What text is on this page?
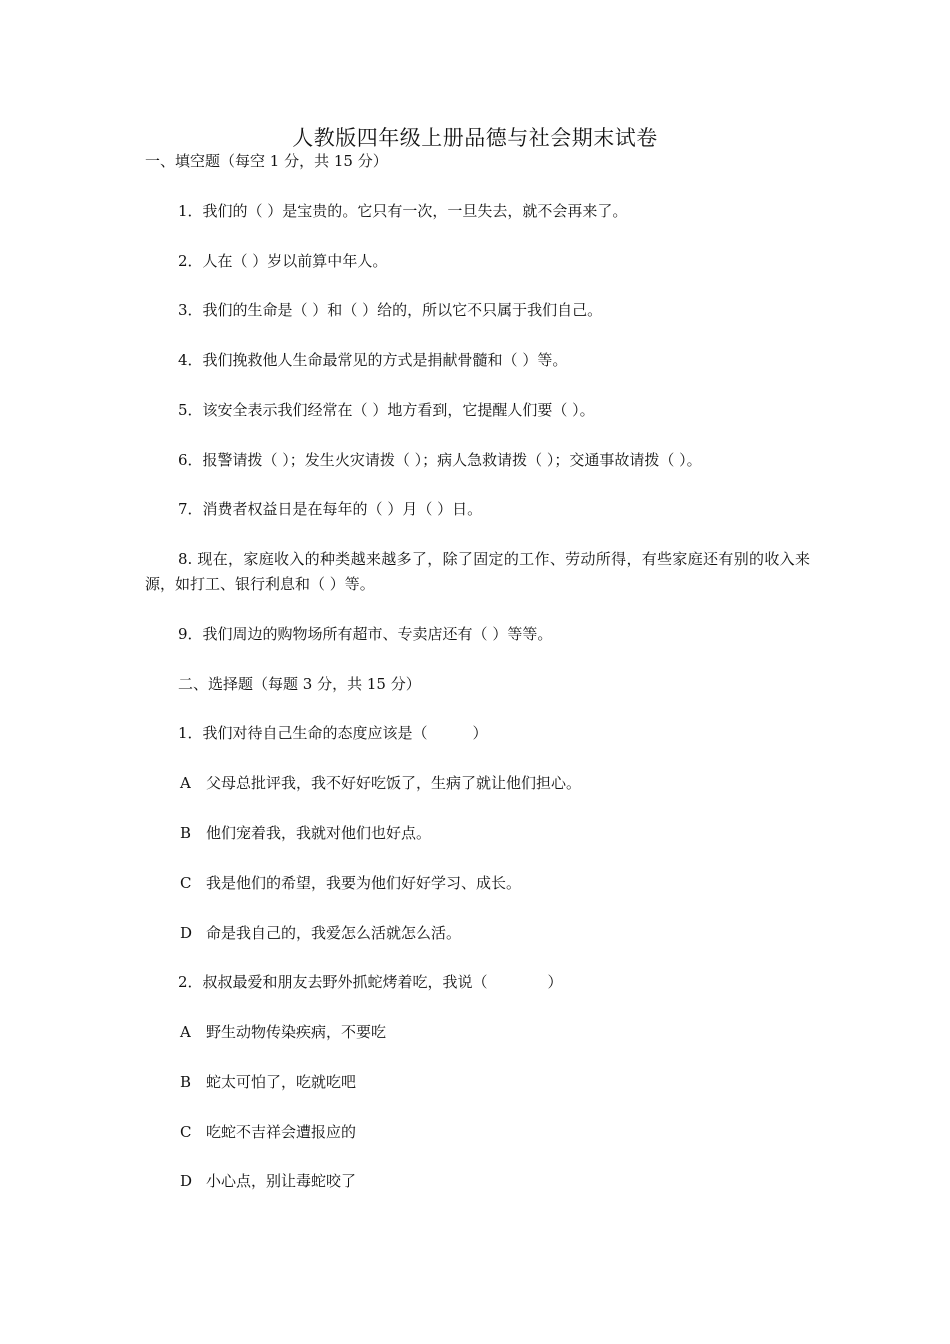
人教版四年级上册品德与社会期末试卷
一、填空题（每空 1 分，共 15 分）
1．我们的（ ）是宝贵的。它只有一次，一旦失去，就不会再来了。
2．人在（ ）岁以前算中年人。
3．我们的生命是（ ）和（ ）给的，所以它不只属于我们自己。
4．我们挽救他人生命最常见的方式是捐献骨髓和（ ）等。
5．该安全表示我们经常在（ ）地方看到，它提醒人们要（ ）。
6．报警请拨（ ）；发生火灾请拨（ ）；病人急救请拨（ ）；交通事故请拨（ ）。
7．消费者权益日是在每年的（ ）月（ ）日。
8. 现在，家庭收入的种类越来越多了，除了固定的工作、劳动所得，有些家庭还有别的收入来源，如打工、银行利息和（ ）等。
9．我们周边的购物场所有超市、专卖店还有（ ）等等。
二、选择题（每题 3 分，共 15 分）
1．我们对待自己生命的态度应该是（　　　）
A 父母总批评我，我不好好吃饭了，生病了就让他们担心。
B 他们宠着我，我就对他们也好点。
C 我是他们的希望，我要为他们好好学习、成长。
D 命是我自己的，我爱怎么活就怎么活。
2．叔叔最爱和朋友去野外抓蛇烤着吃，我说（　　　　）
A 野生动物传染疾病，不要吃
B 蛇太可怕了，吃就吃吧
C 吃蛇不吉祥会遭报应的
D 小心点，别让毒蛇咬了
